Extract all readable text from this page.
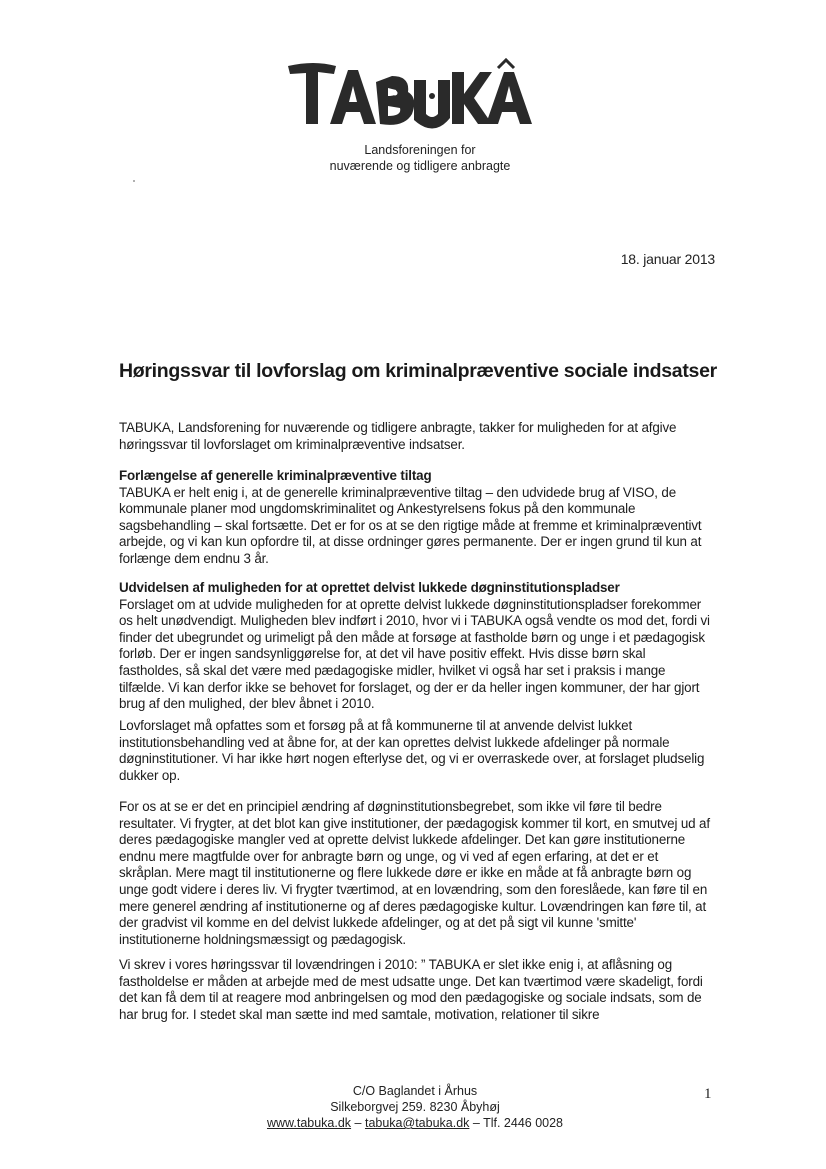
Landsforeningen for
nuværende og tidligere anbragte
18. januar 2013
Høringssvar til lovforslag om kriminalpræventive sociale indsatser

TABUKA, Landsforening for nuværende og tidligere anbragte, takker for muligheden for at afgive høringssvar til lovforslaget om kriminalpræventive indsatser.

Forlængelse af generelle kriminalpræventive tiltag

TABUKA er helt enig i, at de generelle kriminalpræventive tiltag – den udvidede brug af VISO, de kommunale planer mod ungdomskriminalitet og Ankestyrelsens fokus på den kommunale sagsbehandling – skal fortsætte. Det er for os at se den rigtige måde at fremme et kriminalpræventivt arbejde, og vi kan kun opfordre til, at disse ordninger gøres permanente. Der er ingen grund til kun at forlænge dem endnu 3 år.

Udvidelsen af muligheden for at oprettet delvist lukkede døgninstitutionspladser

Forslaget om at udvide muligheden for at oprette delvist lukkede døgninstitutionspladser forekommer os helt unødvendigt. Muligheden blev indført i 2010, hvor vi i TABUKA også vendte os mod det, fordi vi finder det ubegrundet og urimeligt på den måde at forsøge at fastholde børn og unge i et pædagogisk forløb. Der er ingen sandsynliggørelse for, at det vil have positiv effekt. Hvis disse børn skal fastholdes, så skal det være med pædagogiske midler, hvilket vi også har set i praksis i mange tilfælde. Vi kan derfor ikke se behovet for forslaget, og der er da heller ingen kommuner, der har gjort brug af den mulighed, der blev åbnet i 2010.

Lovforslaget må opfattes som et forsøg på at få kommunerne til at anvende delvist lukket institutionsbehandling ved at åbne for, at der kan oprettes delvist lukkede afdelinger på normale døgninstitutioner. Vi har ikke hørt nogen efterlyse det, og vi er overraskede over, at forslaget pludselig dukker op.

For os at se er det en principiel ændring af døgninstitutionsbegrebet, som ikke vil føre til bedre resultater. Vi frygter, at det blot kan give institutioner, der pædagogisk kommer til kort, en smutvej ud af deres pædagogiske mangler ved at oprette delvist lukkede afdelinger. Det kan gøre institutionerne endnu mere magtfulde over for anbragte børn og unge, og vi ved af egen erfaring, at det er et skråplan. Mere magt til institutionerne og flere lukkede døre er ikke en måde at få anbragte børn og unge godt videre i deres liv. Vi frygter tværtimod, at en lovændring, som den foreslåede, kan føre til en mere generel ændring af institutionerne og af deres pædagogiske kultur. Lovændringen kan føre til, at der gradvist vil komme en del delvist lukkede afdelinger, og at det på sigt vil kunne 'smitte' institutionerne holdningsmæssigt og pædagogisk.

Vi skrev i vores høringssvar til lovændringen i 2010: ” TABUKA er slet ikke enig i, at aflåsning og fastholdelse er måden at arbejde med de mest udsatte unge. Det kan tværtimod være skadeligt, fordi det kan få dem til at reagere mod anbringelsen og mod den pædagogiske og sociale indsats, som de har brug for. I stedet skal man sætte ind med samtale, motivation, relationer til sikre

C/O Baglandet i Århus
Silkeborgvej 259. 8230 Åbyhøj
www.tabuka.dk – tabuka@tabuka.dk – Tlf. 2446 0028
1
